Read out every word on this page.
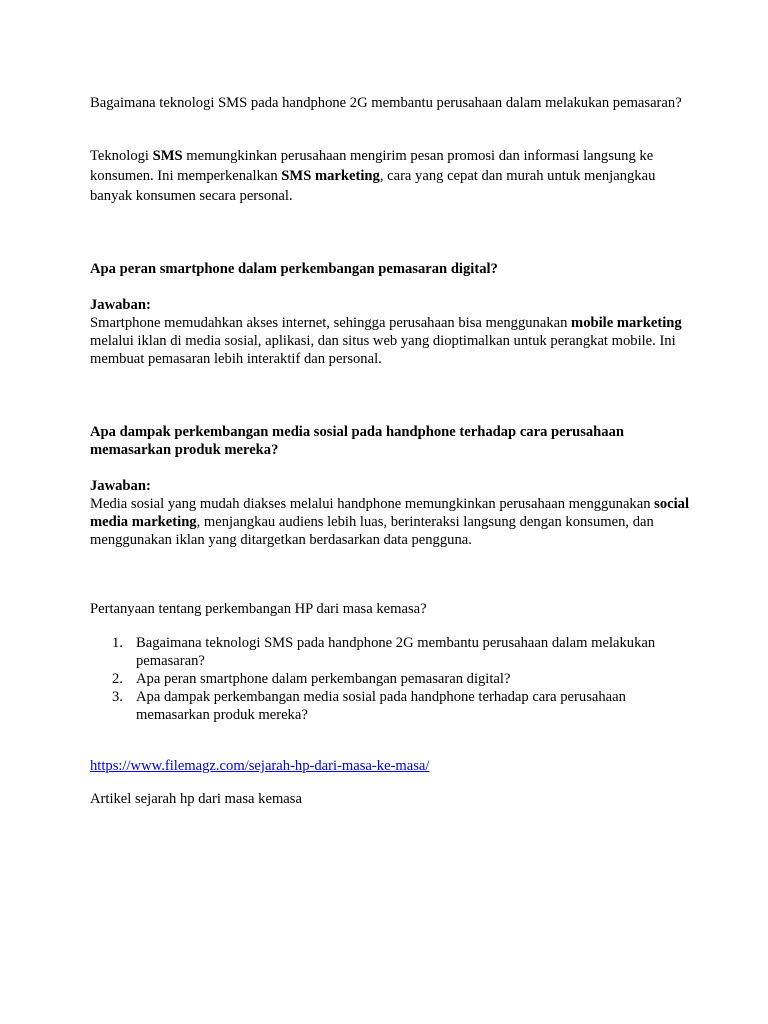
Bagaimana teknologi SMS pada handphone 2G membantu perusahaan dalam melakukan pemasaran?

Teknologi SMS memungkinkan perusahaan mengirim pesan promosi dan informasi langsung ke konsumen. Ini memperkenalkan SMS marketing, cara yang cepat dan murah untuk menjangkau banyak konsumen secara personal.

Apa peran smartphone dalam perkembangan pemasaran digital?

Jawaban:

Smartphone memudahkan akses internet, sehingga perusahaan bisa menggunakan mobile marketing melalui iklan di media sosial, aplikasi, dan situs web yang dioptimalkan untuk perangkat mobile. Ini membuat pemasaran lebih interaktif dan personal.

Apa dampak perkembangan media sosial pada handphone terhadap cara perusahaan memasarkan produk mereka?

Jawaban:

Media sosial yang mudah diakses melalui handphone memungkinkan perusahaan menggunakan social media marketing, menjangkau audiens lebih luas, berinteraksi langsung dengan konsumen, dan menggunakan iklan yang ditargetkan berdasarkan data pengguna.

Pertanyaan tentang perkembangan HP dari masa kemasa?

1. Bagaimana teknologi SMS pada handphone 2G membantu perusahaan dalam melakukan pemasaran?
2. Apa peran smartphone dalam perkembangan pemasaran digital?
3. Apa dampak perkembangan media sosial pada handphone terhadap cara perusahaan memasarkan produk mereka?

https://www.filemagz.com/sejarah-hp-dari-masa-ke-masa/

Artikel sejarah hp dari masa kemasa
